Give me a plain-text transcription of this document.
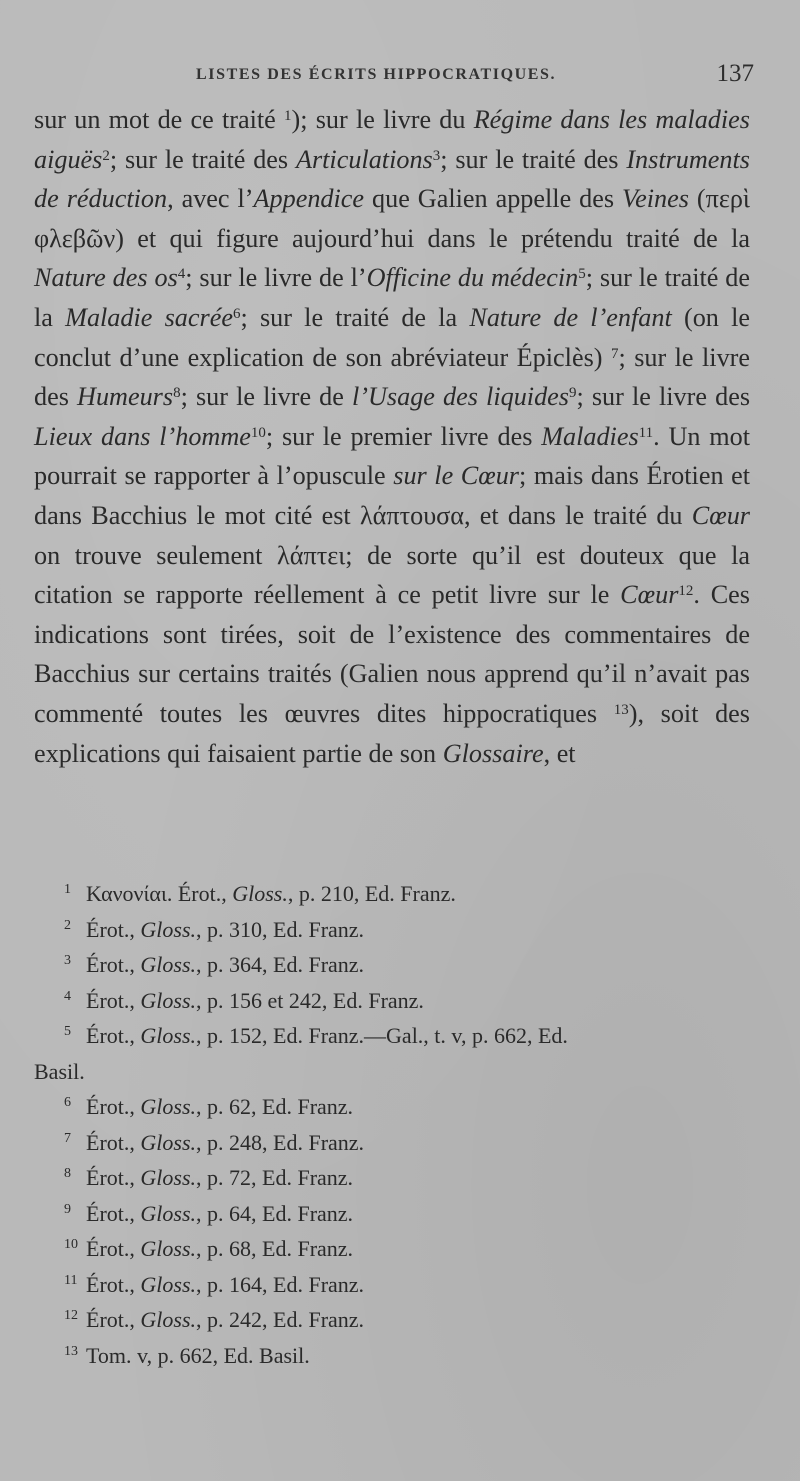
LISTES DES ÉCRITS HIPPOCRATIQUES.	137

sur un mot de ce traité $^1$); sur le livre du Régime dans les maladies aiguës$^2$; sur le traité des Articulations$^3$; sur le traité des Instruments de réduction, avec l’Appendice que Galien appelle des Veines (περὶ φλεβῶν) et qui figure aujourd’hui dans le prétendu traité de la Nature des $os^4$; sur le livre de l’Officine du médecin$^5$; sur le traité de la Maladie sacrée$^6$; sur le traité de la Nature de l’enfant (on le conclut d’une explication de son abréviateur Épiclès) $^7$; sur le livre des Humeurs$^8$; sur le livre de l’Usage des liquides$^9$; sur le livre des Lieux dans l’homme$^{10}$; sur le premier livre des Maladies$^{11}$. Un mot pourrait se rapporter à l’opuscule sur le Cœur; mais dans Érotien et dans Bacchius le mot cité est λάπτουσα, et dans le traité du Cœur on trouve seulement λάπτει; de sorte qu’il est douteux que la citation se rapporte réellement à ce petit livre sur le Cœur$^{12}$. Ces indications sont tirées, soit de l’existence des commentaires de Bacchius sur certains traités (Galien nous apprend qu’il n’avait pas commenté toutes les œuvres dites hippocratiques $^{13}$), soit des explications qui faisaient partie de son Glossaire, et

1 Κανονίαι. Érot., Gloss., p. 210, Ed. Franz.
2 Érot., Gloss., p. 310, Ed. Franz.
3 Érot., Gloss., p. 364, Ed. Franz.
4 Érot., Gloss., p. 156 et 242, Ed. Franz.
5 Érot., Gloss., p. 152, Ed. Franz.—Gal., t. v, p. 662, Ed.
Basil.
6 Érot., Gloss., p. 62, Ed. Franz.
7 Érot., Gloss., p. 248, Ed. Franz.
8 Érot., Gloss., p. 72, Ed. Franz.
9 Érot., Gloss., p. 64, Ed. Franz.
10 Érot., Gloss., p. 68, Ed. Franz.
11 Érot., Gloss., p. 164, Ed. Franz.
12 Érot., Gloss., p. 242, Ed. Franz.
13 Tom. v, p. 662, Ed. Basil.
